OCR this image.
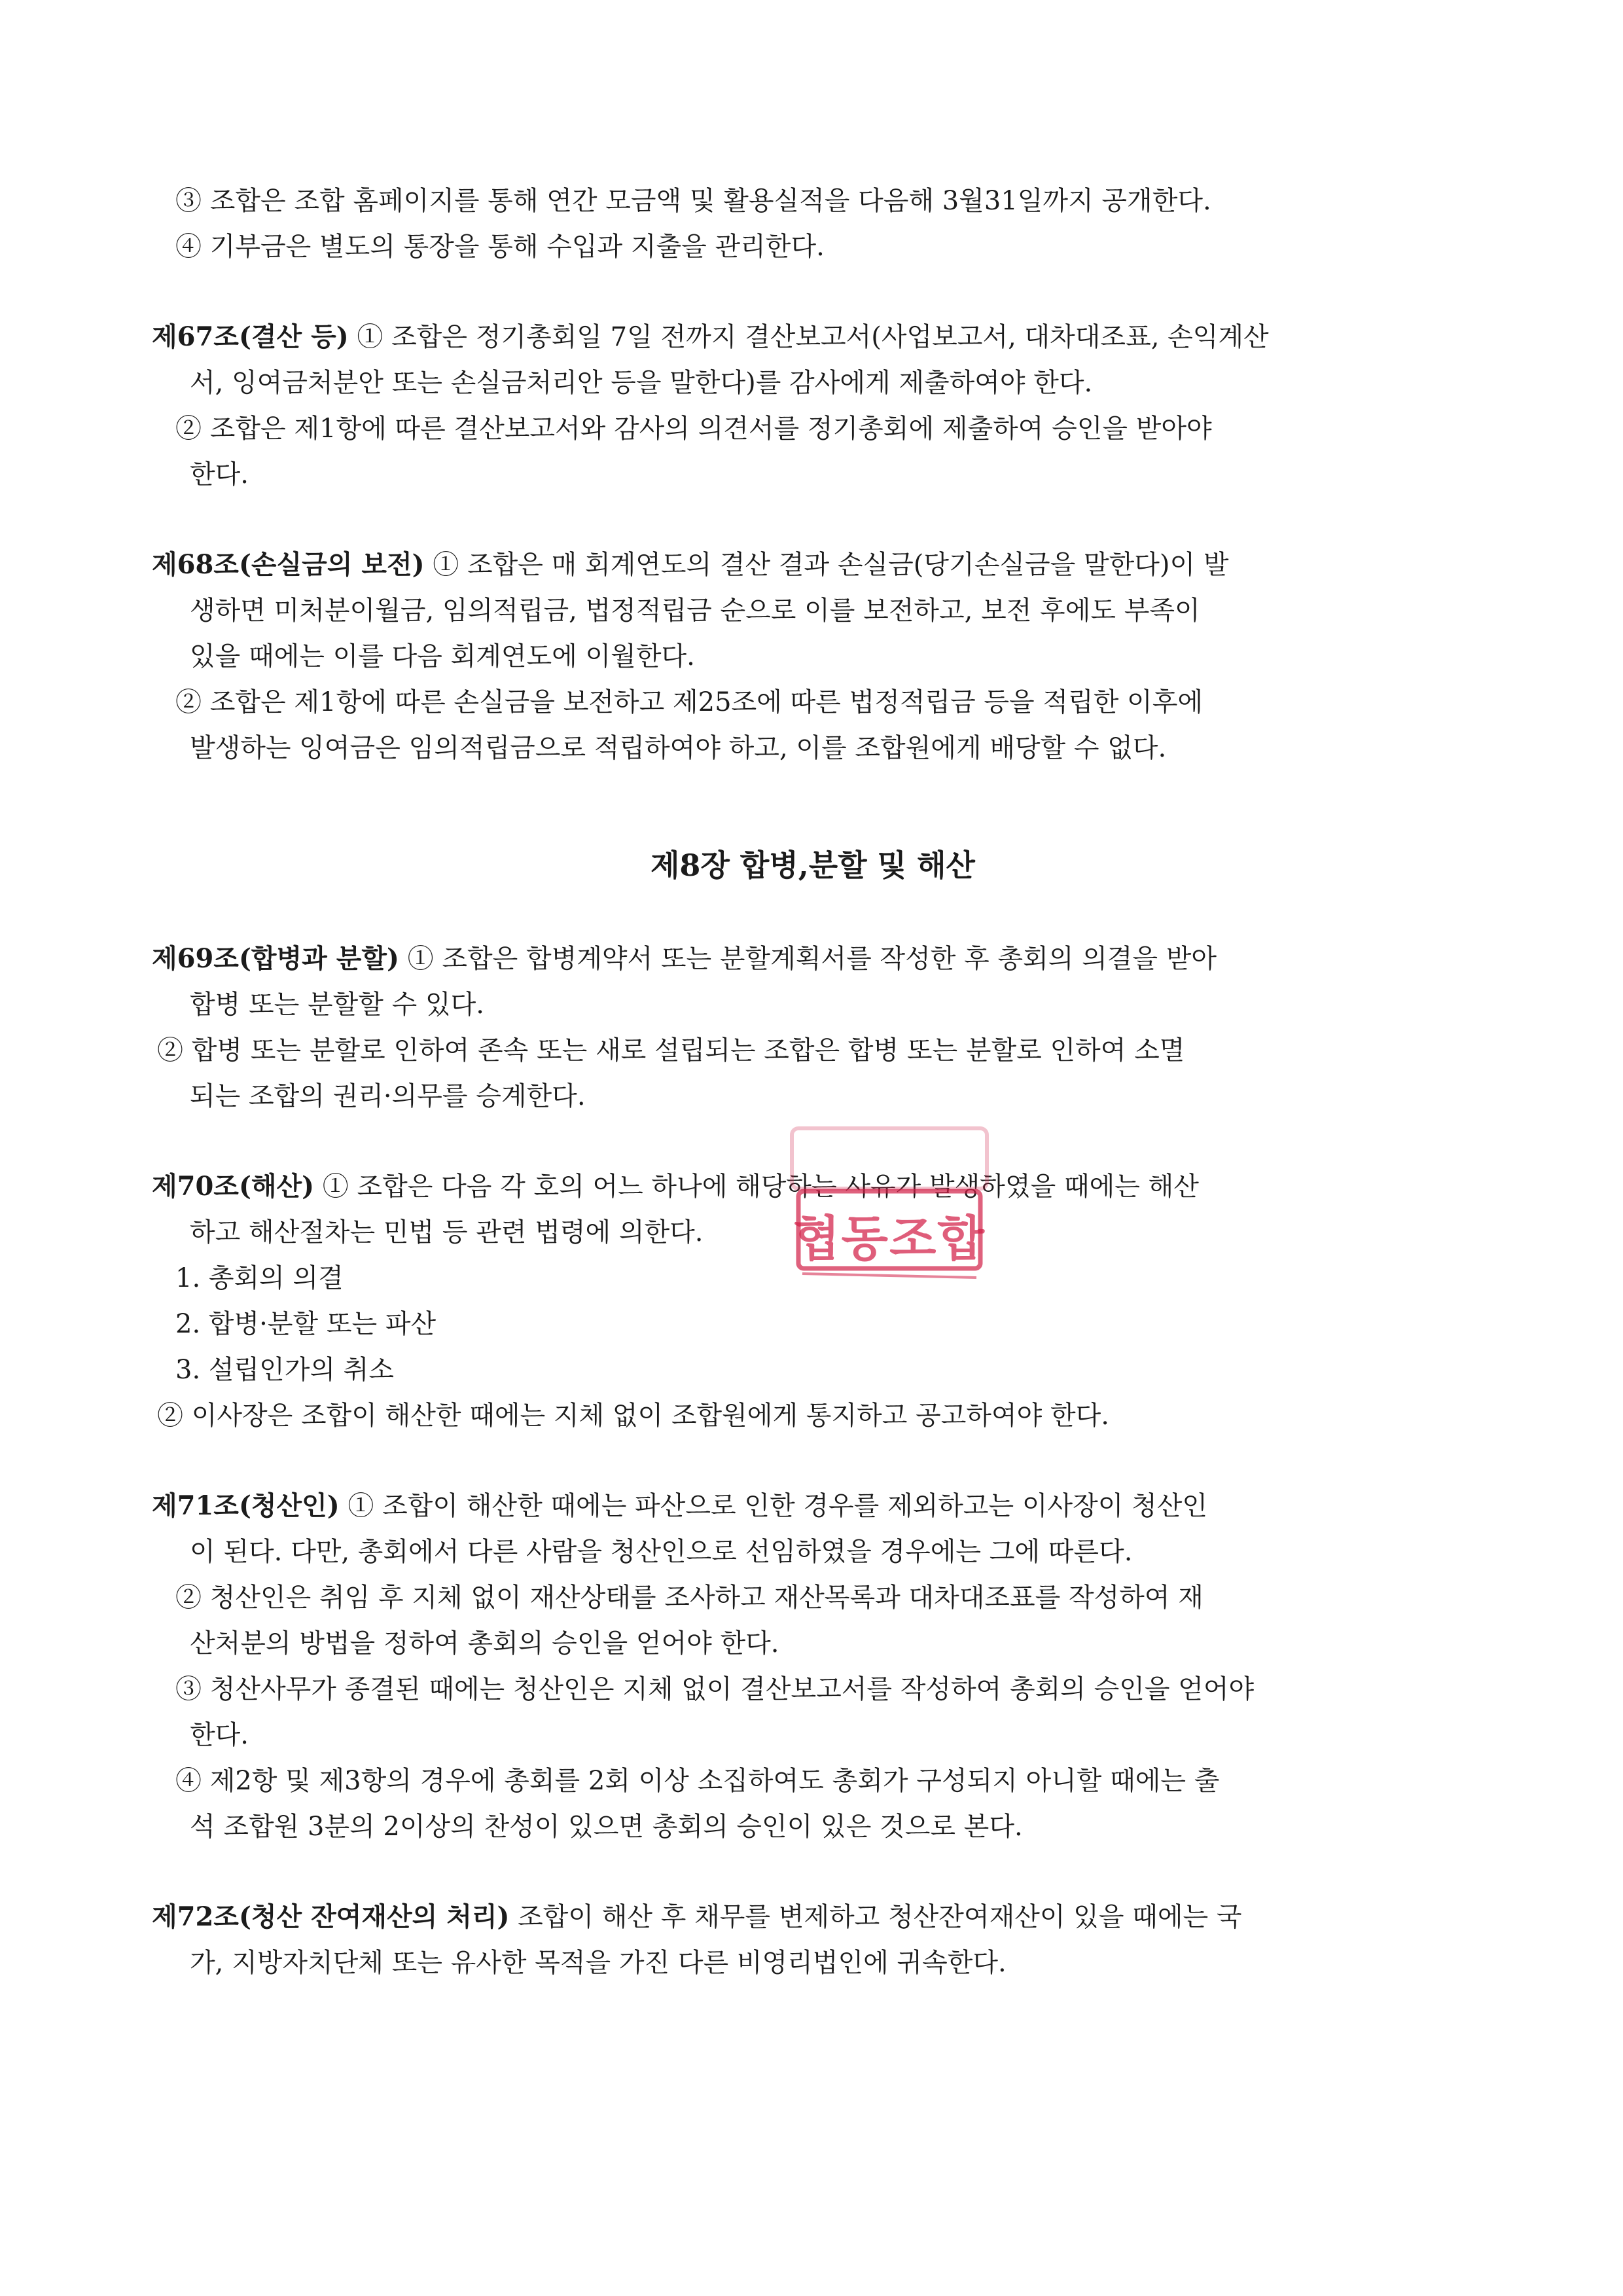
③ 조합은 조합 홈페이지를 통해 연간 모금액 및 활용실적을 다음해 3월31일까지 공개한다.
④ 기부금은 별도의 통장을 통해 수입과 지출을 관리한다.
제67조(결산 등) ① 조합은 정기총회일 7일 전까지 결산보고서(사업보고서, 대차대조표, 손익계산
서, 잉여금처분안 또는 손실금처리안 등을 말한다)를 감사에게 제출하여야 한다.
② 조합은 제1항에 따른 결산보고서와 감사의 의견서를 정기총회에 제출하여 승인을 받아야
한다.
제68조(손실금의 보전) ① 조합은 매 회계연도의 결산 결과 손실금(당기손실금을 말한다)이 발
생하면 미처분이월금, 임의적립금, 법정적립금 순으로 이를 보전하고, 보전 후에도 부족이
있을 때에는 이를 다음 회계연도에 이월한다.
② 조합은 제1항에 따른 손실금을 보전하고 제25조에 따른 법정적립금 등을 적립한 이후에
발생하는 잉여금은 임의적립금으로 적립하여야 하고, 이를 조합원에게 배당할 수 없다.
제8장 합병,분할 및 해산
제69조(합병과 분할) ① 조합은 합병계약서 또는 분할계획서를 작성한 후 총회의 의결을 받아
합병 또는 분할할 수 있다.
② 합병 또는 분할로 인하여 존속 또는 새로 설립되는 조합은 합병 또는 분할로 인하여 소멸
되는 조합의 권리·의무를 승계한다.
제70조(해산) ① 조합은 다음 각 호의 어느 하나에 해당하는 사유가 발생하였을 때에는 해산
하고 해산절차는 민법 등 관련 법령에 의한다.
1. 총회의 의결
2. 합병·분할 또는 파산
3. 설립인가의 취소
② 이사장은 조합이 해산한 때에는 지체 없이 조합원에게 통지하고 공고하여야 한다.
제71조(청산인) ① 조합이 해산한 때에는 파산으로 인한 경우를 제외하고는 이사장이 청산인
이 된다. 다만, 총회에서 다른 사람을 청산인으로 선임하였을 경우에는 그에 따른다.
② 청산인은 취임 후 지체 없이 재산상태를 조사하고 재산목록과 대차대조표를 작성하여 재
산처분의 방법을 정하여 총회의 승인을 얻어야 한다.
③ 청산사무가 종결된 때에는 청산인은 지체 없이 결산보고서를 작성하여 총회의 승인을 얻어야
한다.
④ 제2항 및 제3항의 경우에 총회를 2회 이상 소집하여도 총회가 구성되지 아니할 때에는 출
석 조합원 3분의 2이상의 찬성이 있으면 총회의 승인이 있은 것으로 본다.
제72조(청산 잔여재산의 처리) 조합이 해산 후 채무를 변제하고 청산잔여재산이 있을 때에는 국
가, 지방자치단체 또는 유사한 목적을 가진 다른 비영리법인에 귀속한다.
협동조합
